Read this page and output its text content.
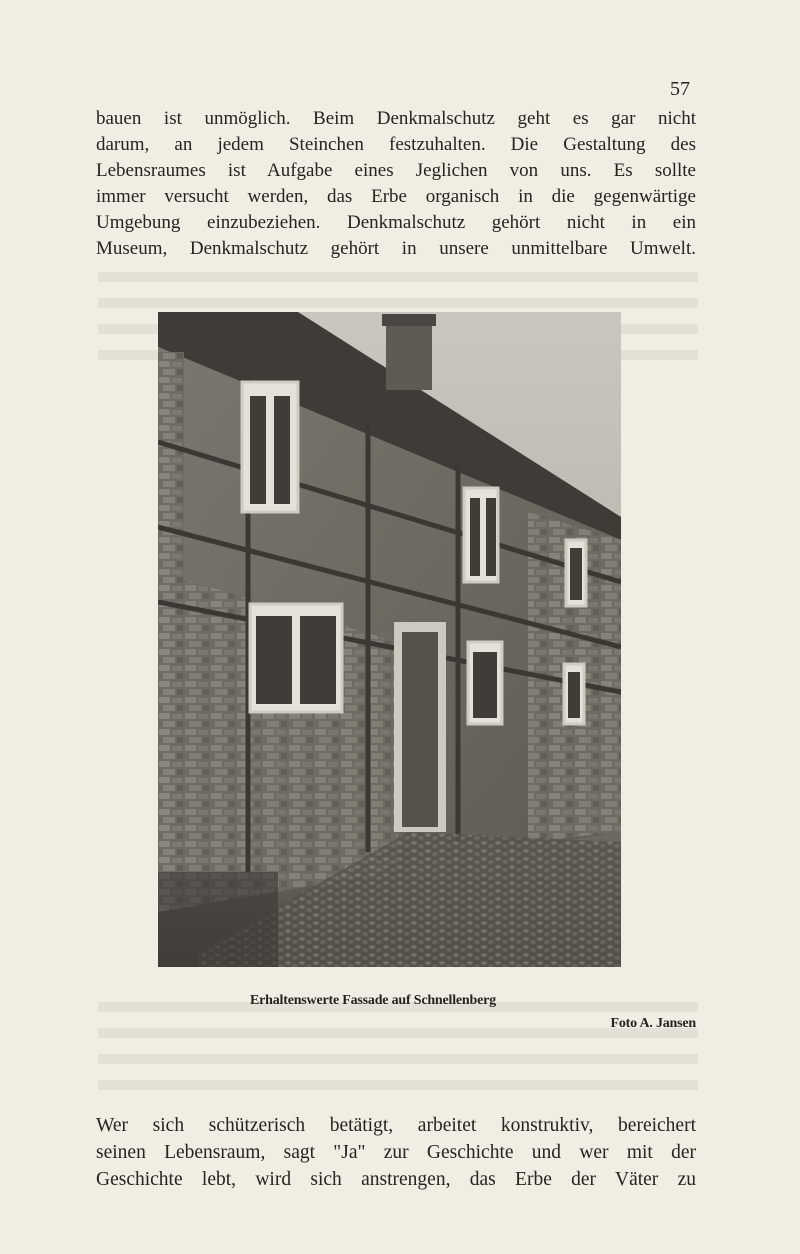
57

bauen ist unmöglich. Beim Denkmalschutz geht es gar nicht
darum, an jedem Steinchen festzuhalten. Die Gestaltung des
Lebensraumes ist Aufgabe eines Jeglichen von uns. Es sollte
immer versucht werden, das Erbe organisch in die gegenwärtige
Umgebung einzubeziehen. Denkmalschutz gehört nicht in ein
Museum, Denkmalschutz gehört in unsere unmittelbare Umwelt.

Erhaltenswerte Fassade auf Schnellenberg
Foto A. Jansen

Wer sich schützerisch betätigt, arbeitet konstruktiv, bereichert
seinen Lebensraum, sagt "Ja" zur Geschichte und wer mit der
Geschichte lebt, wird sich anstrengen, das Erbe der Väter zu
